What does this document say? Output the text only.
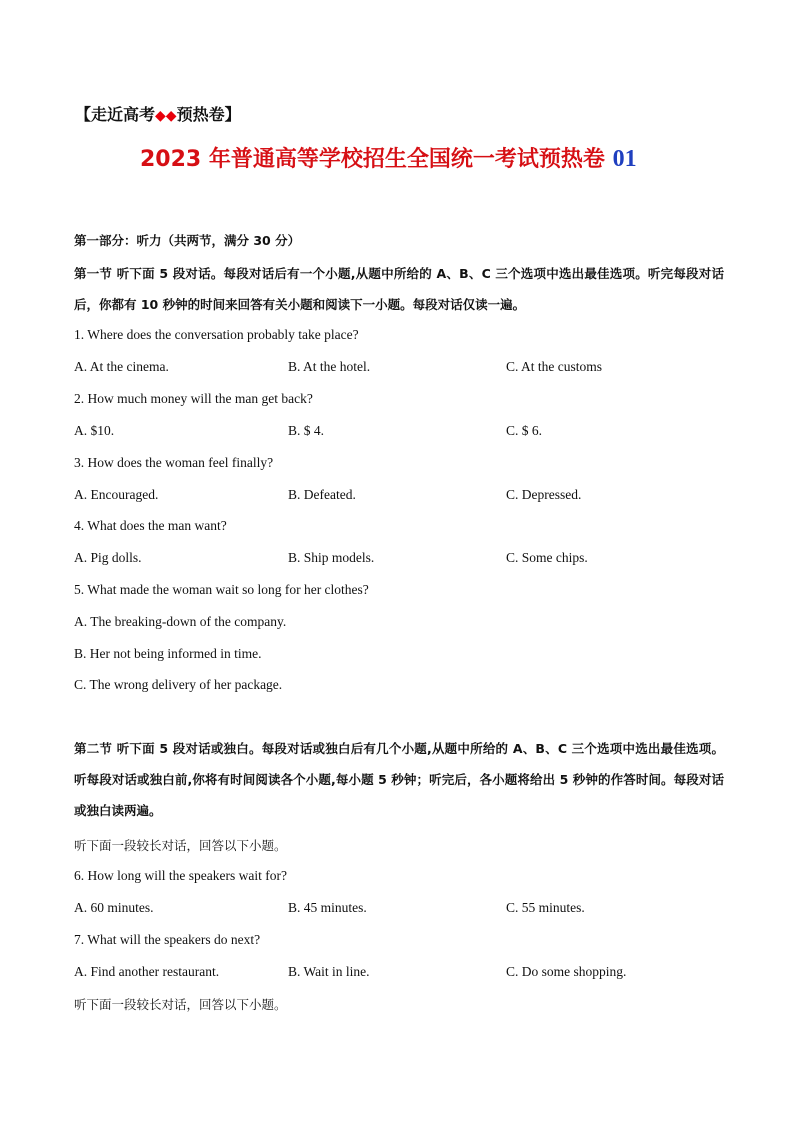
【走近高考◆◆预热卷】
2023 年普通高等学校招生全国统一考试预热卷 01
第一部分：听力（共两节，满分 30 分）
第一节 听下面 5 段对话。每段对话后有一个小题,从题中所给的 A、B、C 三个选项中选出最佳选项。听完每段对话后，你都有 10 秒钟的时间来回答有关小题和阅读下一小题。每段对话仅读一遍。
1. Where does the conversation probably take place?
A. At the cinema.	B. At the hotel.	C. At the customs
2. How much money will the man get back?
A. $10.	B. $ 4.	C. $ 6.
3. How does the woman feel finally?
A. Encouraged.	B. Defeated.	C. Depressed.
4. What does the man want?
A. Pig dolls.	B. Ship models.	C. Some chips.
5. What made the woman wait so long for her clothes?
A. The breaking-down of the company.
B. Her not being informed in time.
C. The wrong delivery of her package.
第二节 听下面 5 段对话或独白。每段对话或独白后有几个小题,从题中所给的 A、B、C 三个选项中选出最佳选项。听每段对话或独白前,你将有时间阅读各个小题,每小题 5 秒钟；听完后，各小题将给出 5 秒钟的作答时间。每段对话或独白读两遍。
听下面一段较长对话，回答以下小题。
6. How long will the speakers wait for?
A. 60 minutes.	B. 45 minutes.	C. 55 minutes.
7. What will the speakers do next?
A. Find another restaurant.	B. Wait in line.	C. Do some shopping.
听下面一段较长对话，回答以下小题。
